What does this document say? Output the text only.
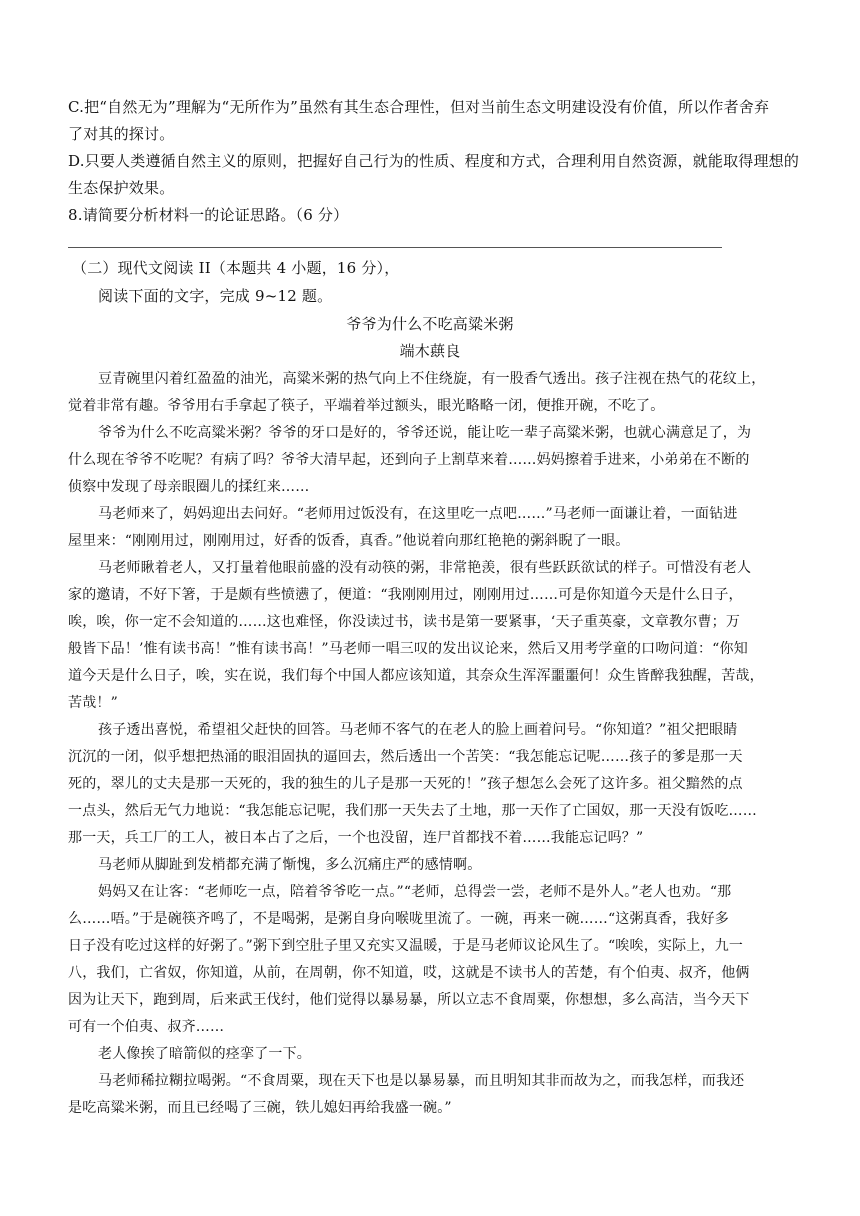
C.把“自然无为”理解为“无所作为”虽然有其生态合理性，但对当前生态文明建设没有价值，所以作者舍弃
了对其的探讨。
D.只要人类遵循自然主义的原则，把握好自己行为的性质、程度和方式，合理利用自然资源，就能取得理想的
生态保护效果。
8.请简要分析材料一的论证思路。（6 分）
（二）现代文阅读 II（本题共 4 小题，16 分），
阅读下面的文字，完成 9~12 题。
爷爷为什么不吃高粱米粥
端木蕻良
豆青碗里闪着红盈盈的油光，高粱米粥的热气向上不住绕旋，有一股香气透出。孩子注视在热气的花纹上，
觉着非常有趣。爷爷用右手拿起了筷子，平端着举过额头，眼光略略一闭，便推开碗，不吃了。
爷爷为什么不吃高粱米粥？爷爷的牙口是好的，爷爷还说，能让吃一辈子高粱米粥，也就心满意足了，为
什么现在爷爷不吃呢？有病了吗？爷爷大清早起，还到向子上割草来着……妈妈擦着手进来，小弟弟在不断的
侦察中发现了母亲眼圈儿的揉红来……
马老师来了，妈妈迎出去问好。“老师用过饭没有，在这里吃一点吧……”马老师一面谦让着，一面钻进
屋里来：“刚刚用过，刚刚用过，好香的饭香，真香。”他说着向那红艳艳的粥斜睨了一眼。
马老师瞅着老人，又打量着他眼前盛的没有动筷的粥，非常艳羡，很有些跃跃欲试的样子。可惜没有老人
家的邀请，不好下箸，于是颇有些愤懑了，便道：“我刚刚用过，刚刚用过……可是你知道今天是什么日子，
唉，唉，你一定不会知道的……这也难怪，你没读过书，读书是第一要紧事，‘天子重英豪，文章教尔曹；万
般皆下品！’惟有读书高！”惟有读书高！”马老师一唱三叹的发出议论来，然后又用考学童的口吻问道：“你知
道今天是什么日子，唉，实在说，我们每个中国人都应该知道，其奈众生浑浑噩噩何！众生皆醉我独醒，苦哉，
苦哉！”
孩子透出喜悦，希望祖父赶快的回答。马老师不客气的在老人的脸上画着问号。“你知道？”祖父把眼睛
沉沉的一闭，似乎想把热涌的眼泪固执的逼回去，然后透出一个苦笑：“我怎能忘记呢……孩子的爹是那一天
死的，翠儿的丈夫是那一天死的，我的独生的儿子是那一天死的！”孩子想怎么会死了这许多。祖父黯然的点
一点头，然后无气力地说：“我怎能忘记呢，我们那一天失去了土地，那一天作了亡国奴，那一天没有饭吃……
那一天，兵工厂的工人，被日本占了之后，一个也没留，连尸首都找不着……我能忘记吗？”
马老师从脚趾到发梢都充满了惭愧，多么沉痛庄严的感情啊。
妈妈又在让客：“老师吃一点，陪着爷爷吃一点。”“老师，总得尝一尝，老师不是外人。”老人也劝。“那
么……唔。”于是碗筷齐鸣了，不是喝粥，是粥自身向喉咙里流了。一碗，再来一碗……“这粥真香，我好多
日子没有吃过这样的好粥了。”粥下到空肚子里又充实又温暖，于是马老师议论风生了。“唉唉，实际上，九一
八，我们，亡省奴，你知道，从前，在周朝，你不知道，哎，这就是不读书人的苦楚，有个伯夷、叔齐，他俩
因为让天下，跑到周，后来武王伐纣，他们觉得以暴易暴，所以立志不食周粟，你想想，多么高洁，当今天下
可有一个伯夷、叔齐……
老人像挨了暗箭似的痉挛了一下。
马老师稀拉糊拉喝粥。“不食周粟，现在天下也是以暴易暴，而且明知其非而故为之，而我怎样，而我还
是吃高粱米粥，而且已经喝了三碗，铁儿媳妇再给我盛一碗。”
